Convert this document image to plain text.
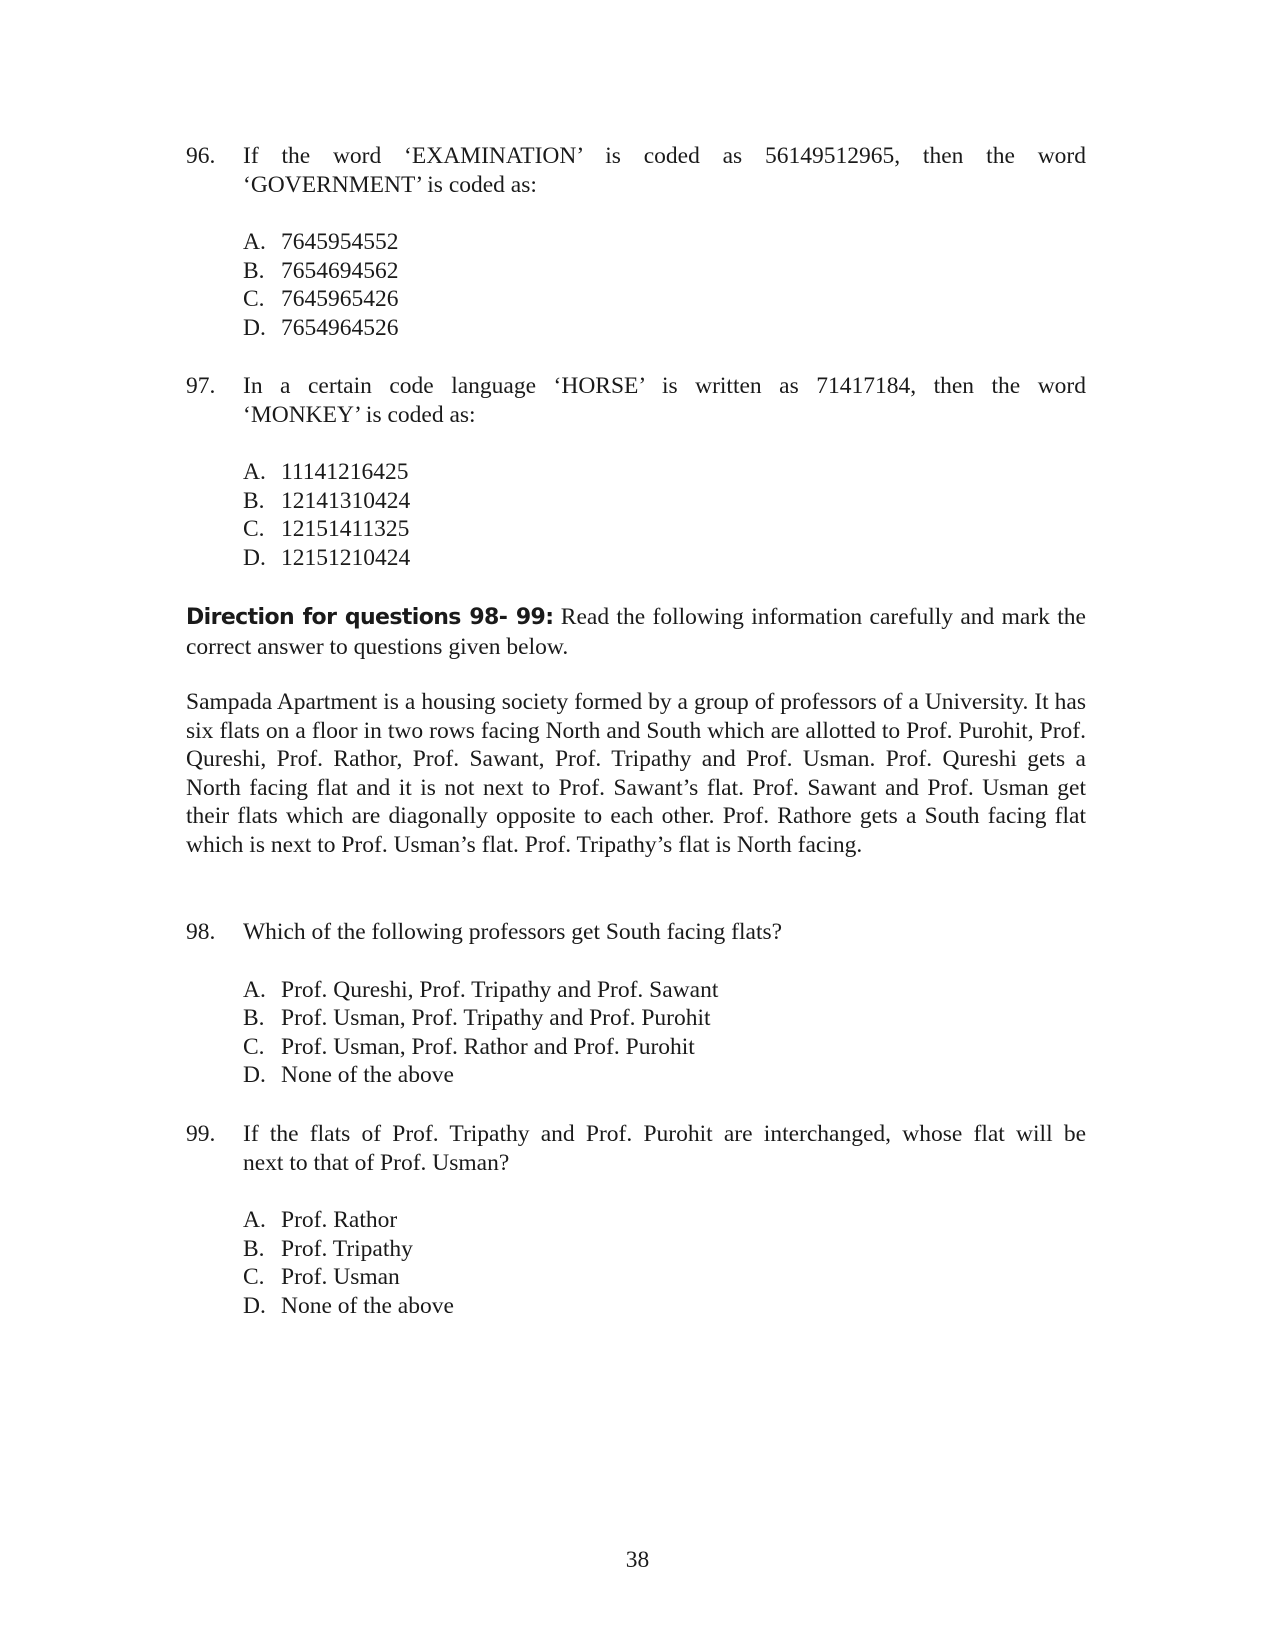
96.	If the word ‘EXAMINATION’ is coded as 56149512965, then the word
‘GOVERNMENT’ is coded as:
A. 7645954552
B. 7654694562
C. 7645965426
D. 7654964526
97.	In a certain code language ‘HORSE’ is written as 71417184, then the word
‘MONKEY’ is coded as:
A. 11141216425
B. 12141310424
C. 12151411325
D. 12151210424
Direction for questions 98- 99: Read the following information carefully and mark the correct answer to questions given below.
Sampada Apartment is a housing society formed by a group of professors of a University. It has six flats on a floor in two rows facing North and South which are allotted to Prof. Purohit, Prof. Qureshi, Prof. Rathor, Prof. Sawant, Prof. Tripathy and Prof. Usman. Prof. Qureshi gets a North facing flat and it is not next to Prof. Sawant’s flat. Prof. Sawant and Prof. Usman get their flats which are diagonally opposite to each other. Prof. Rathore gets a South facing flat which is next to Prof. Usman’s flat. Prof. Tripathy’s flat is North facing.
98.	Which of the following professors get South facing flats?
A. Prof. Qureshi, Prof. Tripathy and Prof. Sawant
B. Prof. Usman, Prof. Tripathy and Prof. Purohit
C. Prof. Usman, Prof. Rathor and Prof. Purohit
D. None of the above
99.	If the flats of Prof. Tripathy and Prof. Purohit are interchanged, whose flat will be
next to that of Prof. Usman?
A. Prof. Rathor
B. Prof. Tripathy
C. Prof. Usman
D. None of the above
38
